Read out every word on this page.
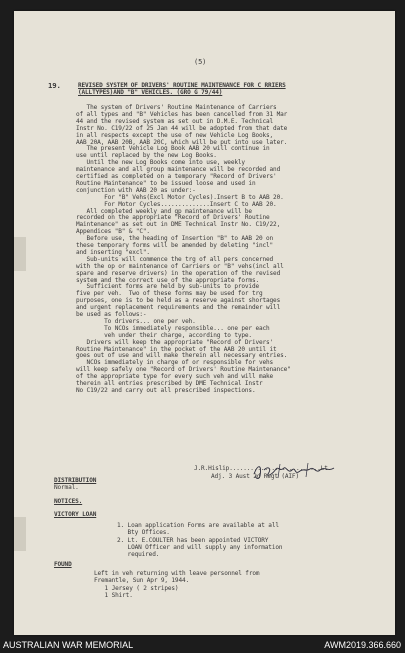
(5)
19.	REVISED SYSTEM OF DRIVERS' ROUTINE MAINTENANCE FOR C RRIERS
(ALLTYPES)AND "B" VEHICLES. (GRO G 79/44)
The system of Drivers' Routine Maintenance of Carriers
of all types and "B" Vehicles has been cancelled from 31 Mar
44 and the revised system as set out in D.M.E. Technical
Instr No. C19/22 of 25 Jan 44 will be adopted from that date
in all respects except the use of new Vehicle Log Books,
AAB 20A, AAB 20B, AAB 20C, which will be put into use later.
The present Vehicle Log Book AAB 20 will continue in
use until replaced by the new Log Books.
Until the new Log Books come into use, weekly
maintenance and all group maintenance will be recorded and
certified as completed on a temporary "Record of Drivers'
Routine Maintenance" to be issued loose and used in
conjunction with AAB 20 as under:-
For "B" Vehs(Excl Motor Cycles).Insert B to AAB 20.
For Motor Cycles..............Insert C to AAB 20.
All completed weekly and gp maintenance will be
recorded on the appropriate "Record of Drivers' Routine
Maintenance" as set out in DME Technical Instr No. C19/22,
Appendices "B" & "C".
Before use, the heading of Insertion "B" to AAB 20 on
these temporary forms will be amended by deleting "incl"
and inserting "excl".
Sub-units will commence the trg of all pers concerned
with the op or maintenance of Carriers or "B" vehs(incl all
spare and reserve drivers) in the operation of the revised
system and the correct use of the appropriate forms.
Sufficient forms are held by sub-units to provide
five per veh.  Two of these forms may be used for trg
purposes, one is to be held as a reserve against shortages
and urgent replacement requirements and the remainder will
be used as follows:-
To drivers... one per veh.
To NCOs immediately responsible... one per each
veh under their charge, according to type.
Drivers will keep the appropriate "Record of Drivers'
Routine Maintenance" in the pocket of the AAB 20 until it
goes out of use and will make therein all necessary entries.
NCOs immediately in charge of or responsible for vehs
will keep safely one "Record of Drivers' Routine Maintenance"
of the appropriate type for every such veh and will make
therein all entries prescribed by DME Technical Instr
No C19/22 and carry out all prescribed inspections.
J.R.Hislip..........................Lt.
Adj. 3 Aust 2d Regt (AIF)
DISTRIBUTION
Normal.
NOTICES.
VICTORY LOAN
1. Loan application Forms are available at all
Bty Offices.
2. Lt. E.COULTER has been appointed VICTORY
LOAN Officer and will supply any information
required.
FOUND
Left in veh returning with leave personnel from
Fremantle, Sun Apr 9, 1944.
1 Jersey ( 2 stripes)
1 Shirt.
AUSTRALIAN WAR MEMORIAL	AWM2019.366.660
